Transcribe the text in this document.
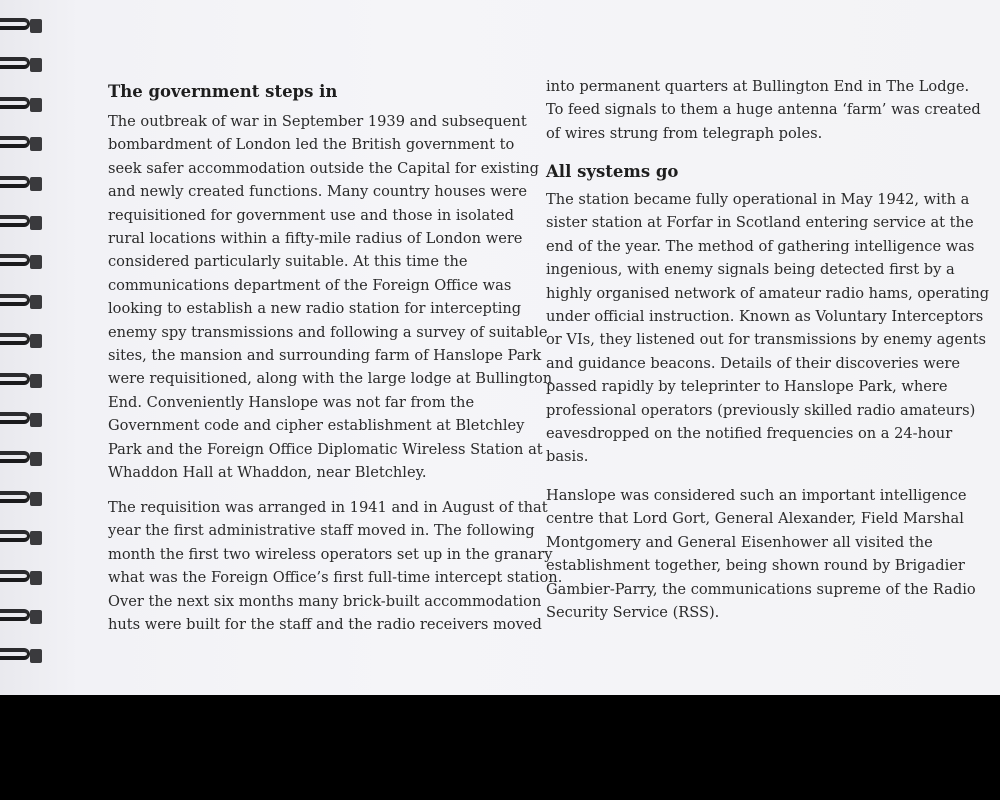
The government steps in

The outbreak of war in September 1939 and subsequent
bombardment of London led the British government to
seek safer accommodation outside the Capital for existing
and newly created functions. Many country houses were
requisitioned for government use and those in isolated
rural locations within a fifty-mile radius of London were
considered particularly suitable. At this time the
communications department of the Foreign Office was
looking to establish a new radio station for intercepting
enemy spy transmissions and following a survey of suitable
sites, the mansion and surrounding farm of Hanslope Park
were requisitioned, along with the large lodge at Bullington
End. Conveniently Hanslope was not far from the
Government code and cipher establishment at Bletchley
Park and the Foreign Office Diplomatic Wireless Station at
Whaddon Hall at Whaddon, near Bletchley.

The requisition was arranged in 1941 and in August of that
year the first administrative staff moved in. The following
month the first two wireless operators set up in the granary
what was the Foreign Office’s first full-time intercept station.
Over the next six months many brick-built accommodation
huts were built for the staff and the radio receivers moved

into permanent quarters at Bullington End in The Lodge.
To feed signals to them a huge antenna ‘farm’ was created
of wires strung from telegraph poles.

All systems go

The station became fully operational in May 1942, with a
sister station at Forfar in Scotland entering service at the
end of the year. The method of gathering intelligence was
ingenious, with enemy signals being detected first by a
highly organised network of amateur radio hams, operating
under official instruction. Known as Voluntary Interceptors
or VIs, they listened out for transmissions by enemy agents
and guidance beacons. Details of their discoveries were
passed rapidly by teleprinter to Hanslope Park, where
professional operators (previously skilled radio amateurs)
eavesdropped on the notified frequencies on a 24-hour
basis.

Hanslope was considered such an important intelligence
centre that Lord Gort, General Alexander, Field Marshal
Montgomery and General Eisenhower all visited the
establishment together, being shown round by Brigadier
Gambier-Parry, the communications supreme of the Radio
Security Service (RSS).
